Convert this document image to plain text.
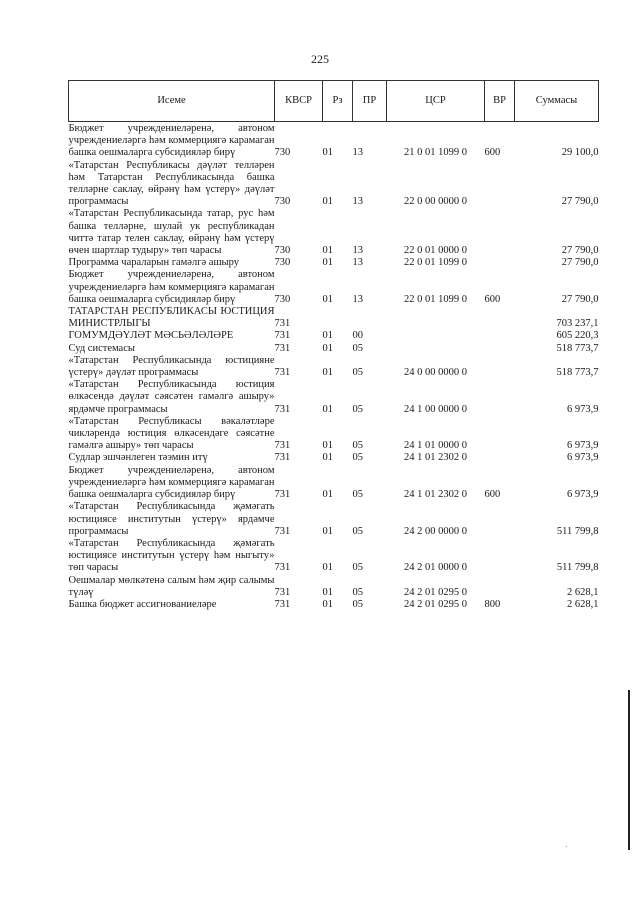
225
Исеме	КВСР	Рз	ПР	ЦСР	ВР	Суммасы
Бюджет учреждениеләренә, автоном учреждениеләргә һәм коммерциягә карамаган башка оешмаларга субсидияләр бирү	730	01	13	21 0 01 1099 0	600	29 100,0
«Татарстан Республикасы дәүләт телләрен һәм Татарстан Республикасында башка телләрне саклау, өйрәнү һәм үстерү» дәүләт программасы	730	01	13	22 0 00 0000 0		27 790,0
«Татарстан Республикасында татар, рус һәм башка телләрне, шулай ук республикадан читтә татар телен саклау, өйрәнү һәм үстерү өчен шартлар тудыру» төп чарасы	730	01	13	22 0 01 0000 0		27 790,0
Программа чараларын гамәлгә ашыру	730	01	13	22 0 01 1099 0		27 790,0
Бюджет учреждениеләренә, автоном учреждениеләргә һәм коммерциягә карамаган башка оешмаларга субсидияләр бирү	730	01	13	22 0 01 1099 0	600	27 790,0
ТАТАРСТАН РЕСПУБЛИКАСЫ ЮСТИЦИЯ МИНИСТРЛЫГЫ	731					703 237,1
ГОМУМДӘҮЛӘТ МӘСЬӘЛӘЛӘРЕ	731	01	00			605 220,3
Суд системасы	731	01	05			518 773,7
«Татарстан Республикасында юстициянe үстерү» дәүләт программасы	731	01	05	24 0 00 0000 0		518 773,7
«Татарстан Республикасында юстиция өлкәсендә дәүләт сәясәтен гамәлгә ашыру» ярдәмче программасы	731	01	05	24 1 00 0000 0		6 973,9
«Татарстан Республикасы вәкаләтләре чикләрендә юстиция өлкәсендәге сәясәтне гамәлгә ашыру» төп чарасы	731	01	05	24 1 01 0000 0		6 973,9
Судлар эшчәнлеген тәэмин итү	731	01	05	24 1 01 2302 0		6 973,9
Бюджет учреждениеләренә, автоном учреждениеләргә һәм коммерциягә карамаган башка оешмаларга субсидияләр бирү	731	01	05	24 1 01 2302 0	600	6 973,9
«Татарстан Республикасында җәмәгать юстициясе институтын үстерү» ярдәмче программасы	731	01	05	24 2 00 0000 0		511 799,8
«Татарстан Республикасында җәмәгать юстициясе институтын үстерү һәм ныгыту» төп чарасы	731	01	05	24 2 01 0000 0		511 799,8
Оешмалар мөлкәтенә салым һәм җир салымы түләү	731	01	05	24 2 01 0295 0		2 628,1
Башка бюджет ассигнованиеләре	731	01	05	24 2 01 0295 0	800	2 628,1
